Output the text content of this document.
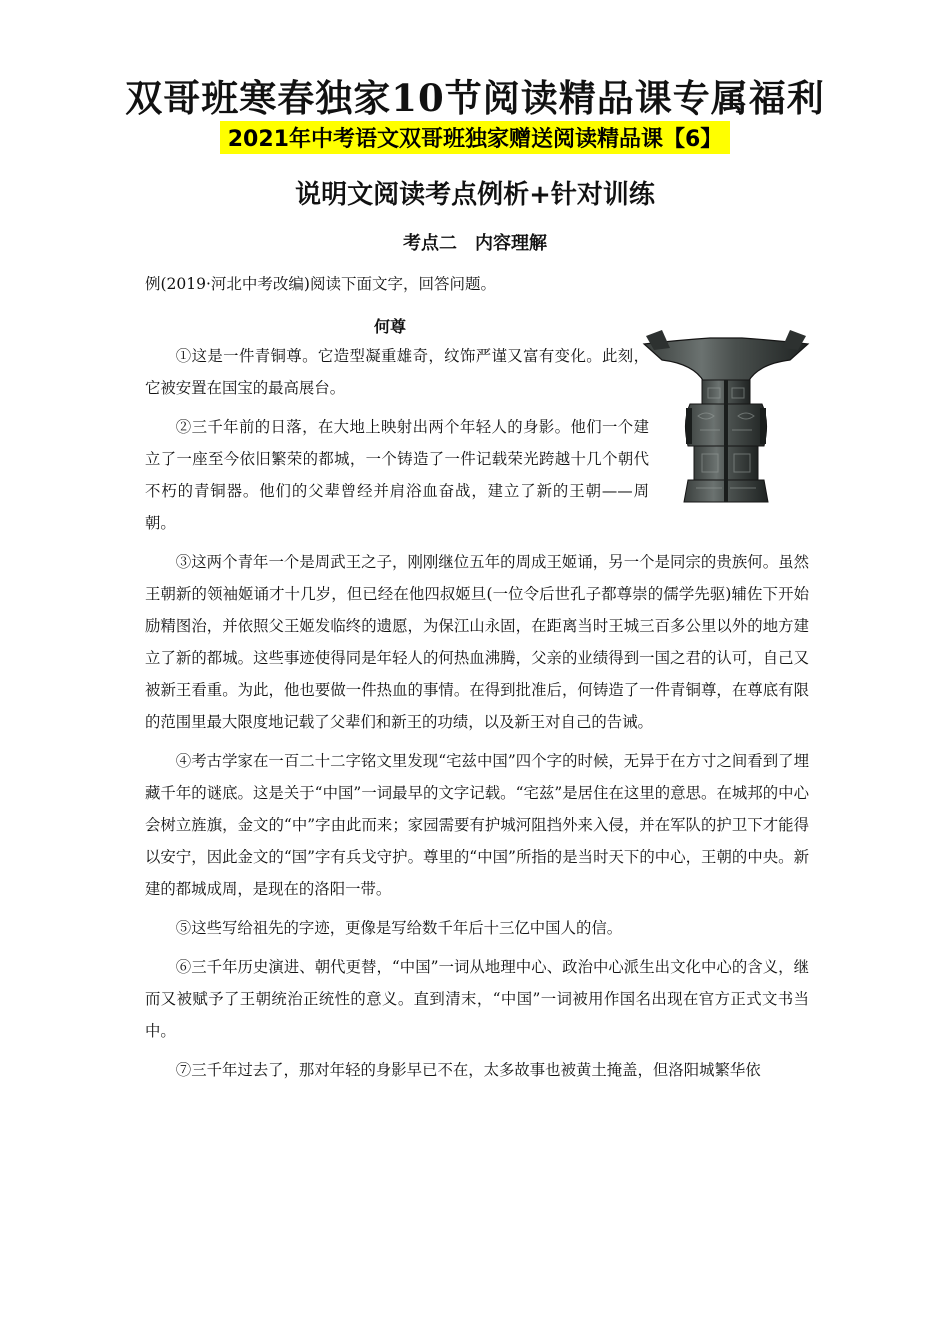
双哥班寒春独家10节阅读精品课专属福利
2021年中考语文双哥班独家赠送阅读精品课【6】
说明文阅读考点例析+针对训练
考点二 内容理解
例(2019·河北中考改编)阅读下面文字，回答问题。
何尊

①这是一件青铜尊。它造型凝重雄奇，纹饰严谨又富有变化。此刻，它被安置在国宝的最高展台。

②三千年前的日落，在大地上映射出两个年轻人的身影。他们一个建立了一座至今依旧繁荣的都城，一个铸造了一件记载荣光跨越十几个朝代不朽的青铜器。他们的父辈曾经并肩浴血奋战，建立了新的王朝——周朝。

③这两个青年一个是周武王之子，刚刚继位五年的周成王姬诵，另一个是同宗的贵族何。虽然王朝新的领袖姬诵才十几岁，但已经在他四叔姬旦(一位令后世孔子都尊崇的儒学先驱)辅佐下开始励精图治，并依照父王姬发临终的遗愿，为保江山永固，在距离当时王城三百多公里以外的地方建立了新的都城。这些事迹使得同是年轻人的何热血沸腾，父亲的业绩得到一国之君的认可，自己又被新王看重。为此，他也要做一件热血的事情。在得到批准后，何铸造了一件青铜尊，在尊底有限的范围里最大限度地记载了父辈们和新王的功绩，以及新王对自己的告诫。

④考古学家在一百二十二字铭文里发现“宅兹中国”四个字的时候，无异于在方寸之间看到了埋藏千年的谜底。这是关于“中国”一词最早的文字记载。“宅兹”是居住在这里的意思。在城邦的中心会树立旌旗，金文的“中”字由此而来；家园需要有护城河阻挡外来入侵，并在军队的护卫下才能得以安宁，因此金文的“国”字有兵戈守护。尊里的“中国”所指的是当时天下的中心，王朝的中央。新建的都城成周，是现在的洛阳一带。

⑤这些写给祖先的字迹，更像是写给数千年后十三亿中国人的信。

⑥三千年历史演进、朝代更替，“中国”一词从地理中心、政治中心派生出文化中心的含义，继而又被赋予了王朝统治正统性的意义。直到清末，“中国”一词被用作国名出现在官方正式文书当中。

⑦三千年过去了，那对年轻的身影早已不在，太多故事也被黄土掩盖，但洛阳城繁华依
